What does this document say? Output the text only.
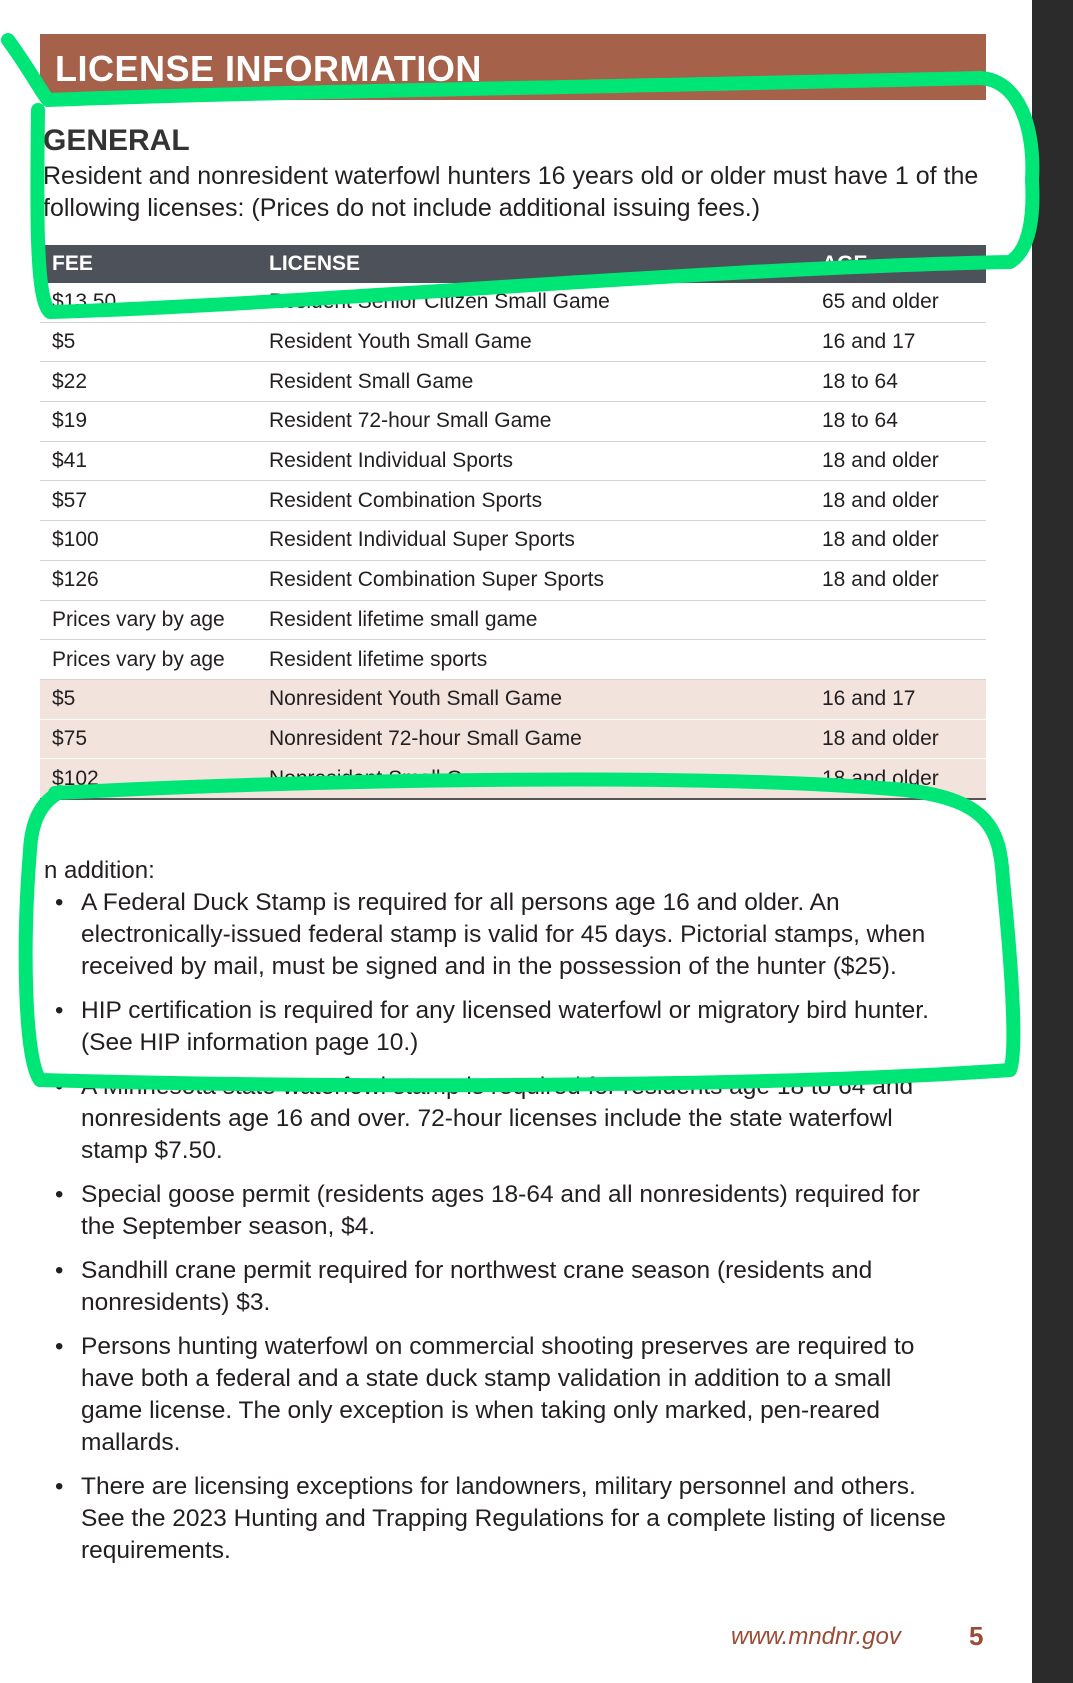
LICENSE INFORMATION
GENERAL
Resident and nonresident waterfowl hunters 16 years old or older must have 1 of the following licenses: (Prices do not include additional issuing fees.)
FEE	LICENSE	AGE
$13.50	Resident Senior Citizen Small Game	65 and older
$5	Resident Youth Small Game	16 and 17
$22	Resident Small Game	18 to 64
$19	Resident 72-hour Small Game	18 to 64
$41	Resident Individual Sports	18 and older
$57	Resident Combination Sports	18 and older
$100	Resident Individual Super Sports	18 and older
$126	Resident Combination Super Sports	18 and older
Prices vary by age	Resident lifetime small game	
Prices vary by age	Resident lifetime sports	
$5	Nonresident Youth Small Game	16 and 17
$75	Nonresident 72-hour Small Game	18 and older
$102	Nonresident Small Game	18 and older
n addition:
• A Federal Duck Stamp is required for all persons age 16 and older. An electronically-issued federal stamp is valid for 45 days. Pictorial stamps, when received by mail, must be signed and in the possession of the hunter ($25).
• HIP certification is required for any licensed waterfowl or migratory bird hunter. (See HIP information page 10.)
• A Minnesota state waterfowl stamp is required for residents age 18 to 64 and nonresidents age 16 and over. 72-hour licenses include the state waterfowl stamp $7.50.
• Special goose permit (residents ages 18-64 and all nonresidents) required for the September season, $4.
• Sandhill crane permit required for northwest crane season (residents and nonresidents) $3.
• Persons hunting waterfowl on commercial shooting preserves are required to have both a federal and a state duck stamp validation in addition to a small game license. The only exception is when taking only marked, pen-reared mallards.
• There are licensing exceptions for landowners, military personnel and others. See the 2023 Hunting and Trapping Regulations for a complete listing of license requirements.
www.mndnr.gov	5
